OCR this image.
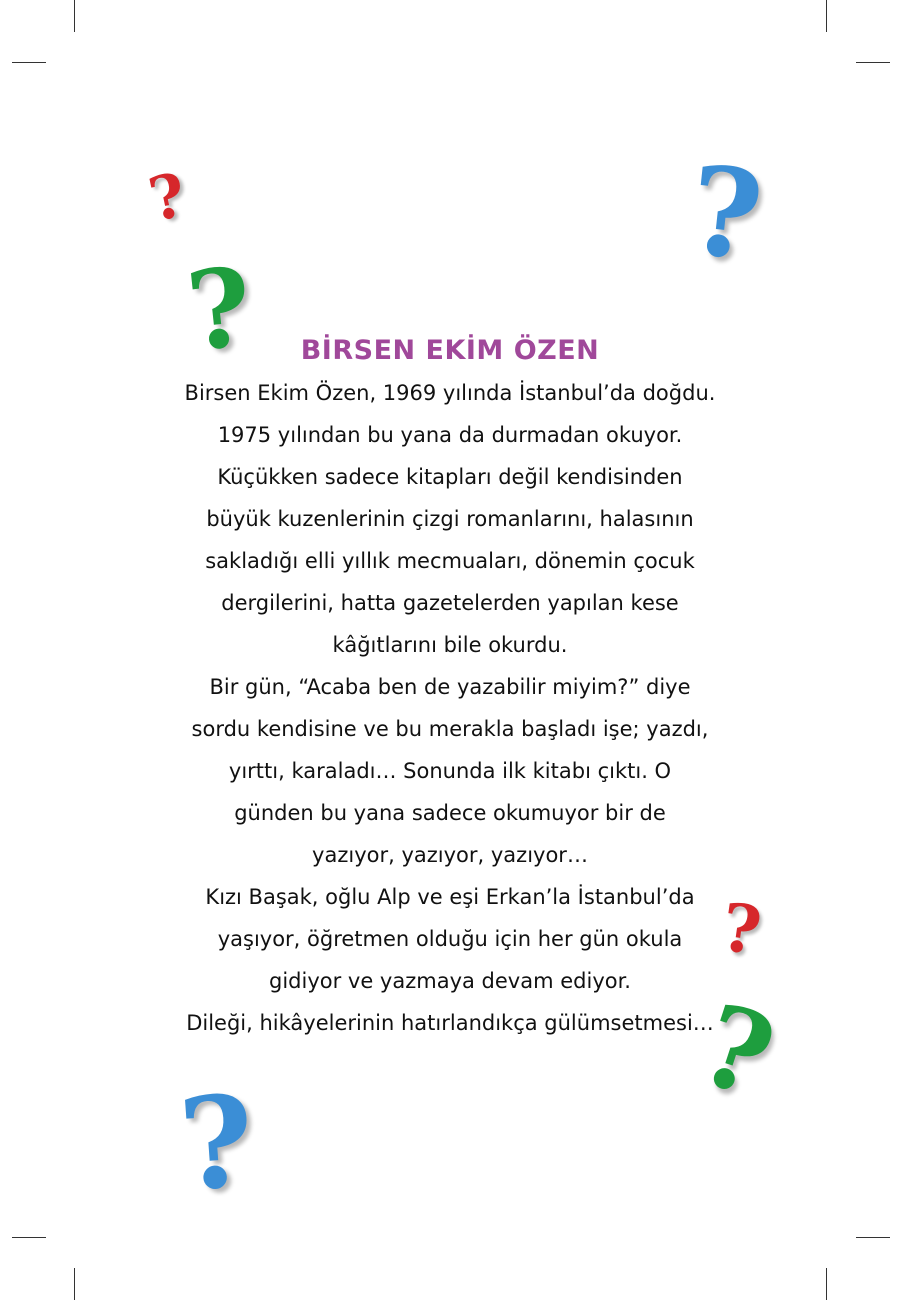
?	?
?
?
?
?
BİRSEN EKİM ÖZEN
Birsen Ekim Özen, 1969 yılında İstanbul’da doğdu.
1975 yılından bu yana da durmadan okuyor.
Küçükken sadece kitapları değil kendisinden
büyük kuzenlerinin çizgi romanlarını, halasının
sakladığı elli yıllık mecmuaları, dönemin çocuk
dergilerini, hatta gazetelerden yapılan kese
kâğıtlarını bile okurdu.
Bir gün, “Acaba ben de yazabilir miyim?” diye
sordu kendisine ve bu merakla başladı işe; yazdı,
yırttı, karaladı… Sonunda ilk kitabı çıktı. O
günden bu yana sadece okumuyor bir de
yazıyor, yazıyor, yazıyor…
Kızı Başak, oğlu Alp ve eşi Erkan’la İstanbul’da
yaşıyor, öğretmen olduğu için her gün okula
gidiyor ve yazmaya devam ediyor.
Dileği, hikâyelerinin hatırlandıkça gülümsetmesi…
